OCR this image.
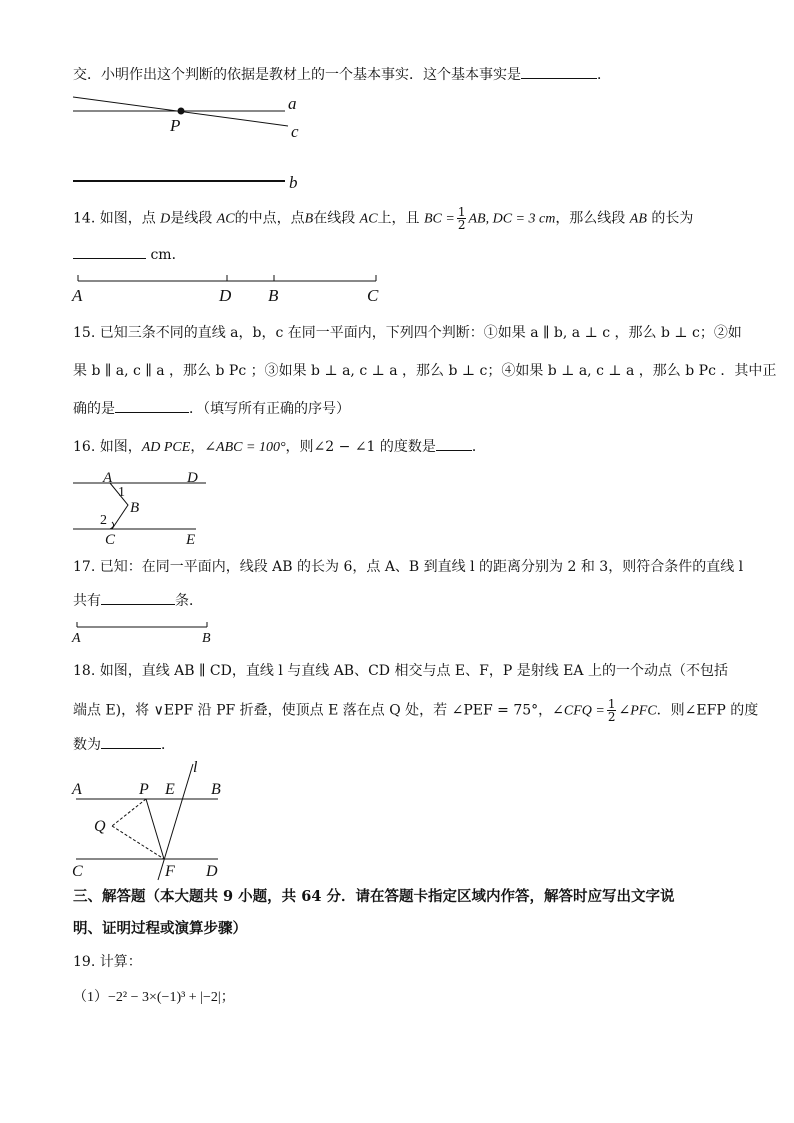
交．小明作出这个判断的依据是教材上的一个基本事实．这个基本事实是	．
a
P	c
b
14. 如图，点 D是线段 AC的中点，点B在线段 AC上，且 BC = $\frac{1}{2}$ AB, DC = 3 cm，那么线段 AB 的长为
cm．
A	D B	C
15. 已知三条不同的直线 a，b，c 在同一平面内，下列四个判断：①如果 a ∥ b, a ⊥ c ，那么 b ⊥ c；②如
果 b ∥ a, c ∥ a ，那么 b Pc ；③如果 b ⊥ a, c ⊥ a ，那么 b ⊥ c；④如果 b ⊥ a, c ⊥ a ，那么 b Pc ．其中正
确的是	．（填写所有正确的序号）
16. 如图，AD PCE，∠ABC = 100°，则∠2 − ∠1 的度数是	．
A	D
1
B
2
C	E
17. 已知：在同一平面内，线段 AB 的长为 6，点 A、B 到直线 l 的距离分别为 2 和 3，则符合条件的直线 l
共有	条．
A	B
18. 如图，直线 AB ∥ CD，直线 l 与直线 AB、CD 相交与点 E、F，P 是射线 EA 上的一个动点（不包括
端点 E)，将 ∨EPF 沿 PF 折叠，使顶点 E 落在点 Q 处，若 ∠PEF = 75°，∠CFQ = $\frac{1}{2}$ ∠PFC．则∠EFP 的度
数为	．
l
A	P E B
Q
C	F D
三、解答题（本大题共 9 小题，共 64 分．请在答题卡指定区域内作答，解答时应写出文字说
明、证明过程或演算步骤）
19. 计算：
（1）−2² − 3×(−1)³ + |−2|；
